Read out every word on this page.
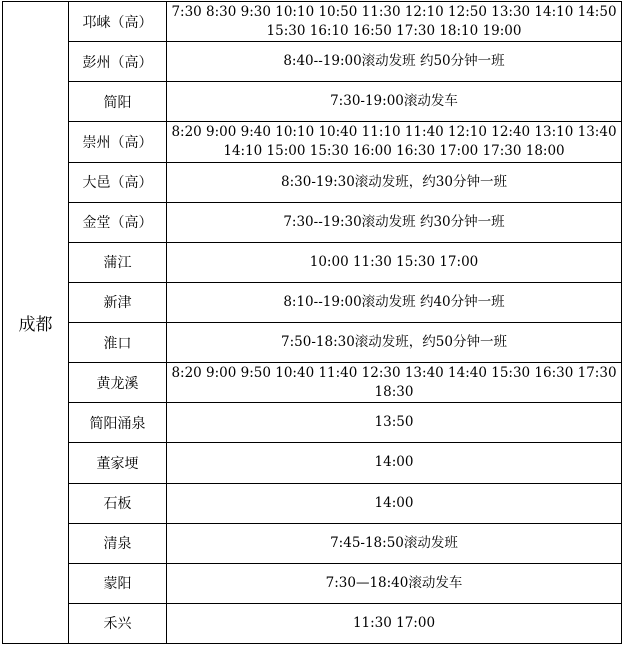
成都	邛崃（高）	7:30 8:30 9:30 10:10 10:50 11:30 12:10 12:50 13:30 14:10 14:50 15:30 16:10 16:50 17:30 18:10 19:00
	彭州（高）	8:40--19:00滚动发班 约50分钟一班
	简阳	7:30-19:00滚动发车
	崇州（高）	8:20 9:00 9:40 10:10 10:40 11:10 11:40 12:10 12:40 13:10 13:40 14:10 15:00 15:30 16:00 16:30 17:00 17:30 18:00
	大邑（高）	8:30-19:30滚动发班，约30分钟一班
	金堂（高）	7:30--19:30滚动发班 约30分钟一班
	蒲江	10:00 11:30 15:30 17:00
	新津	8:10--19:00滚动发班 约40分钟一班
	淮口	7:50-18:30滚动发班，约50分钟一班
	黄龙溪	8:20 9:00 9:50 10:40 11:40 12:30 13:40 14:40 15:30 16:30 17:30 18:30
	简阳涌泉	13:50
	董家埂	14:00
	石板	14:00
	清泉	7:45-18:50滚动发班
	蒙阳	7:30—18:40滚动发车
	禾兴	11:30 17:00
